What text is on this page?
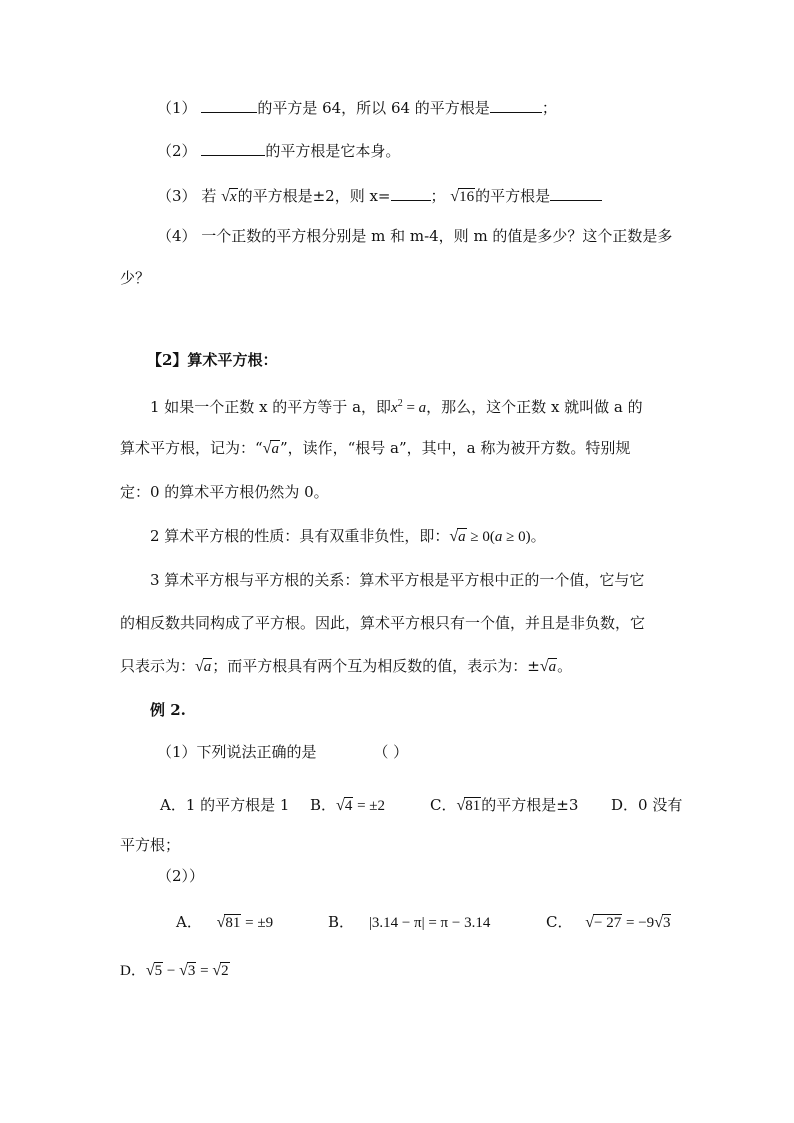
（1）	的平方是 64，所以 64 的平方根是	；
（2）	的平方根是它本身。
（3） 若 √x的平方根是±2，则 x=	； √16的平方根是
（4） 一个正数的平方根分别是 m 和 m-4，则 m 的值是多少？这个正数是多
少？
【2】算术平方根：
1 如果一个正数 x 的平方等于 a，即$x^2 = a$，那么，这个正数 x 就叫做 a 的
算术平方根，记为：“√a”，读作，“根号 a”，其中，a 称为被开方数。特别规
定：0 的算术平方根仍然为 0。
2 算术平方根的性质：具有双重非负性，即：√a ≥ 0(a ≥ 0)。
3 算术平方根与平方根的关系：算术平方根是平方根中正的一个值，它与它
的相反数共同构成了平方根。因此，算术平方根只有一个值，并且是非负数，它
只表示为：√a；而平方根具有两个互为相反数的值，表示为：±√a。
例 2.
（1）下列说法正确的是	（ ）
A．1 的平方根是 1 B．√4 = ±2	C．√81的平方根是±3 D．0 没有
平方根；
（2））
A． √81 = ±9	B． |3.14 − π| = π − 3.14	C． √− 27 = −9√3
D．√5 − √3 = √2
